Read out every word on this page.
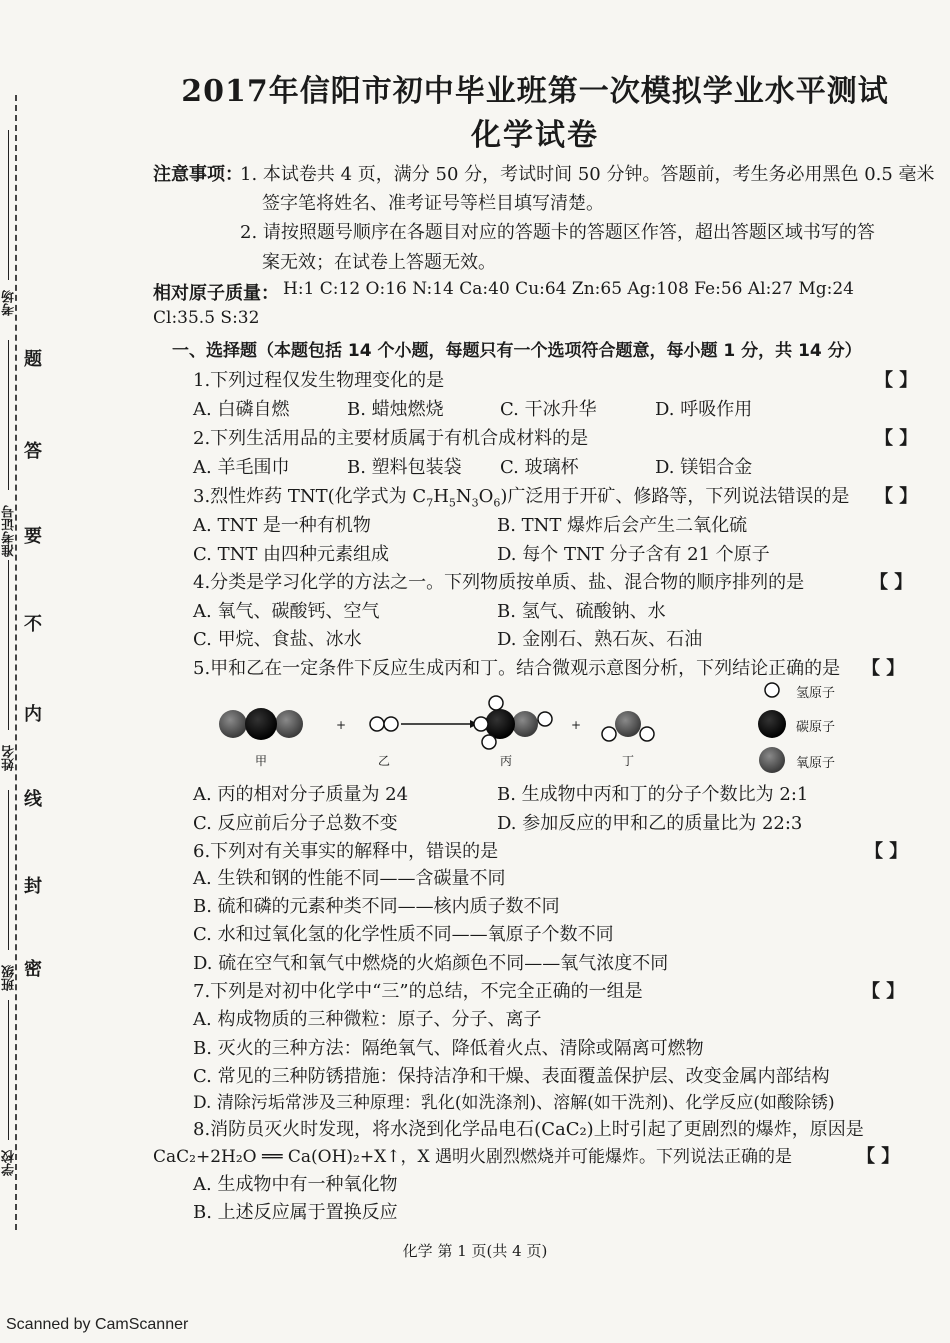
题
答
要
不
内
线
封
密
学校
班级
姓名
准考证号
考场
2017年信阳市初中毕业班第一次模拟学业水平测试
化学试卷
注意事项：
1. 本试卷共 4 页，满分 50 分，考试时间 50 分钟。答题前，考生务必用黑色 0.5 毫米
签字笔将姓名、准考证号等栏目填写清楚。
2. 请按照题号顺序在各题目对应的答题卡的答题区作答，超出答题区域书写的答
案无效；在试卷上答题无效。
相对原子质量： H:1 C:12 O:16 N:14 Ca:40 Cu:64 Zn:65 Ag:108 Fe:56 Al:27 Mg:24
Cl:35.5 S:32
一、选择题（本题包括 14 个小题，每题只有一个选项符合题意，每小题 1 分，共 14 分）
1.下列过程仅发生物理变化的是	【 】
A. 白磷自燃	B. 蜡烛燃烧	C. 干冰升华	D. 呼吸作用
2.下列生活用品的主要材质属于有机合成材料的是	【 】
A. 羊毛围巾	B. 塑料包装袋 C. 玻璃杯	D. 镁铝合金
3.烈性炸药 TNT(化学式为 $C_7H_5N_3O_6$)广泛用于开矿、修路等，下列说法错误的是 【 】
A. TNT 是一种有机物	B. TNT 爆炸后会产生二氧化硫
C. TNT 由四种元素组成	D. 每个 TNT 分子含有 21 个原子
4.分类是学习化学的方法之一。下列物质按单质、盐、混合物的顺序排列的是	【 】
A. 氧气、碳酸钙、空气	B. 氢气、硫酸钠、水
C. 甲烷、食盐、冰水	D. 金刚石、熟石灰、石油
5.甲和乙在一定条件下反应生成丙和丁。结合微观示意图分析，下列结论正确的是 【 】
+	+
甲	乙	丙	丁
氢原子
碳原子
氧原子
A. 丙的相对分子质量为 24	B. 生成物中丙和丁的分子个数比为 2:1
C. 反应前后分子总数不变	D. 参加反应的甲和乙的质量比为 22:3
6.下列对有关事实的解释中，错误的是	【 】
A. 生铁和钢的性能不同——含碳量不同
B. 硫和磷的元素种类不同——核内质子数不同
C. 水和过氧化氢的化学性质不同——氧原子个数不同
D. 硫在空气和氧气中燃烧的火焰颜色不同——氧气浓度不同
7.下列是对初中化学中“三”的总结，不完全正确的一组是	【 】
A. 构成物质的三种微粒：原子、分子、离子
B. 灭火的三种方法：隔绝氧气、降低着火点、清除或隔离可燃物
C. 常见的三种防锈措施：保持洁净和干燥、表面覆盖保护层、改变金属内部结构
D. 清除污垢常涉及三种原理：乳化(如洗涤剂)、溶解(如干洗剂)、化学反应(如酸除锈)
8.消防员灭火时发现，将水浇到化学品电石(CaC₂)上时引起了更剧烈的爆炸，原因是
CaC₂+2H₂O ══ Ca(OH)₂+X↑，X 遇明火剧烈燃烧并可能爆炸。下列说法正确的是	【 】
A. 生成物中有一种氧化物
B. 上述反应属于置换反应
化学 第 1 页(共 4 页)
Scanned by CamScanner
